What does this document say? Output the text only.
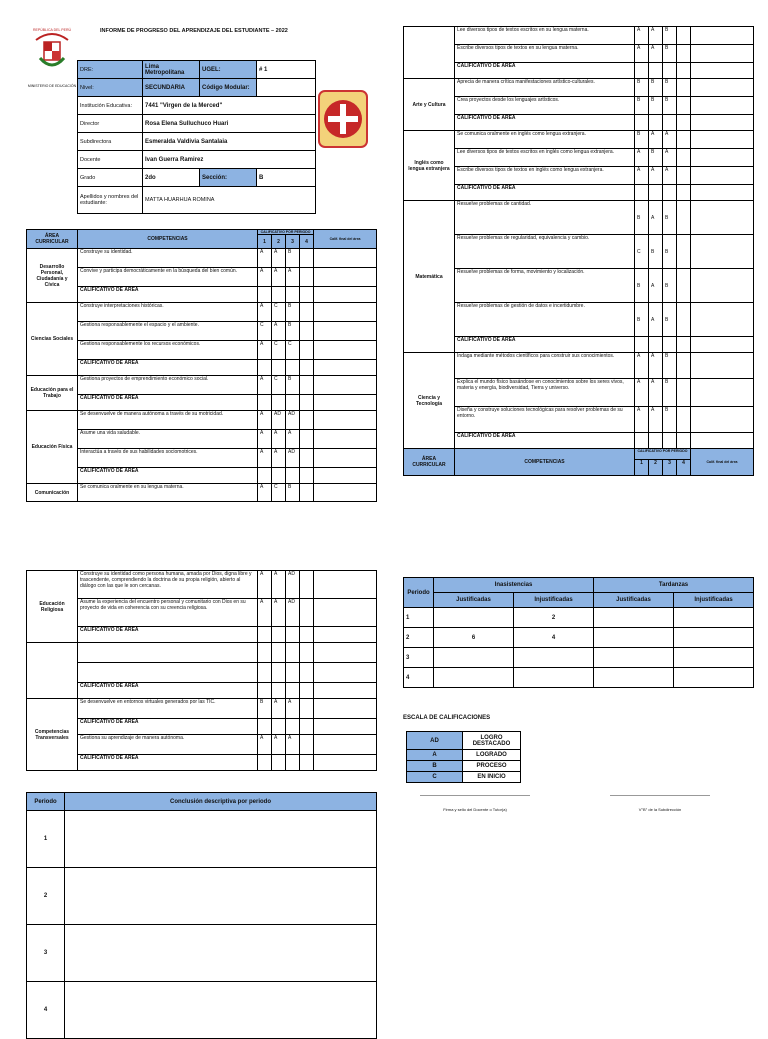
REPÚBLICA DEL PERÚ
MINISTERIO DE EDUCACIÓN
INFORME DE PROGRESO DEL APRENDIZAJE DEL ESTUDIANTE – 2022
DRE:	Lima Metropolitana	UGEL:	# 1
Nivel:	SECUNDARIA	Código Modular:	
Institución Educativa:	7441 "Virgen de la Merced"		
Director	Rosa Elena Sulluchuco Huari		
Subdirectora	Esmeralda Valdivia Santalaia		
Docente	Ivan Guerra Ramirez		
Grado	2do	Sección:	B
Apellidos y nombres del estudiante:	MATTA HUARHUA ROMINA		
ÁREA CURRICULAR	COMPETENCIAS	CALIFICATIVO POR PERIODO				Calif. final del área
		1	2	3	4	
Desarrollo Personal, Ciudadanía y Cívica	Construye su identidad.	A	A	B		
	Convive y participa democráticamente en la búsqueda del bien común.	A	A	A		
	CALIFICATIVO DE ÁREA					
Ciencias Sociales	Construye interpretaciones históricas.	A	C	B		
	Gestiona responsablemente el espacio y el ambiente.	C	A	B		
	Gestiona responsablemente los recursos económicos.	A	C	C		
	CALIFICATIVO DE ÁREA					
Educación para el Trabajo	Gestiona proyectos de emprendimiento económico social.	A	C	B		
	CALIFICATIVO DE ÁREA					
Educación Física	Se desenvuelve de manera autónoma a través de su motricidad.	A	AD	AD		
	Asume una vida saludable.	A	A	A		
	Interactúa a través de sus habilidades sociomotrices.	A	A	AD		
	CALIFICATIVO DE ÁREA					
Comunicación	Se comunica oralmente en su lengua materna.	A	C	B		
	Lee diversos tipos de textos escritos en su lengua materna.	A	A	B		
	Escribe diversos tipos de textos en su lengua materna.	A	A	B		
	CALIFICATIVO DE ÁREA					
Arte y Cultura	Aprecia de manera crítica manifestaciones artístico-culturales.	B	B	B		
	Crea proyectos desde los lenguajes artísticos.	B	B	B		
	CALIFICATIVO DE ÁREA					
Inglés como lengua extranjera	Se comunica oralmente en inglés como lengua extranjera.	B	A	A		
	Lee diversos tipos de textos escritos en inglés como lengua extranjera.	A	B	A		
	Escribe diversos tipos de textos en inglés como lengua extranjera.	A	A	A		
	CALIFICATIVO DE ÁREA					
Matemática	Resuelve problemas de cantidad.	B	A	B		
	Resuelve problemas de regularidad, equivalencia y cambio.	C	B	B		
	Resuelve problemas de forma, movimiento y localización.	B	A	B		
	Resuelve problemas de gestión de datos e incertidumbre.	B	A	B		
	CALIFICATIVO DE ÁREA					
Ciencia y Tecnología	Indaga mediante métodos científicos para construir sus conocimientos.	A	A	B		
	Explica el mundo físico basándose en conocimientos sobre los seres vivos, materia y energía, biodiversidad, Tierra y universo.	A	A	B		
	Diseña y construye soluciones tecnológicas para resolver problemas de su entorno.	A	A	B		
	CALIFICATIVO DE ÁREA					
ÁREA CURRICULAR	COMPETENCIAS	CALIFICATIVO POR PERIODO				Calif. final del área
		1	2	3	4	
Educación Religiosa	Construye su identidad como persona humana, amada por Dios, digna libre y trascendente, comprendiendo la doctrina de su propia religión, abierto al diálogo con las que le son cercanas.	A	A	AD		
	Asume la experiencia del encuentro personal y comunitario con Dios en su proyecto de vida en coherencia con su creencia religiosa.	A	A	AD		
	CALIFICATIVO DE ÁREA					

	CALIFICATIVO DE ÁREA					
Competencias Transversales	Se desenvuelve en entornos virtuales generados por las TIC.	B	A	A		
	CALIFICATIVO DE ÁREA					
	Gestiona su aprendizaje de manera autónoma.	A	A	A		
	CALIFICATIVO DE ÁREA					
Periodo	Conclusión descriptiva por periodo
1	
2	
3	
4	
Periodo	Inasistencias		Tardanzas	
	Justificadas	Injustificadas	Justificadas	Injustificadas
1		2		
2	6	4		
3				
4				
ESCALA DE CALIFICACIONES
AD	LOGRO DESTACADO
A	LOGRADO
B	PROCESO
C	EN INICIO
Firma y sello del Docente o Tutor(a)	V°B° de la Subdirección
